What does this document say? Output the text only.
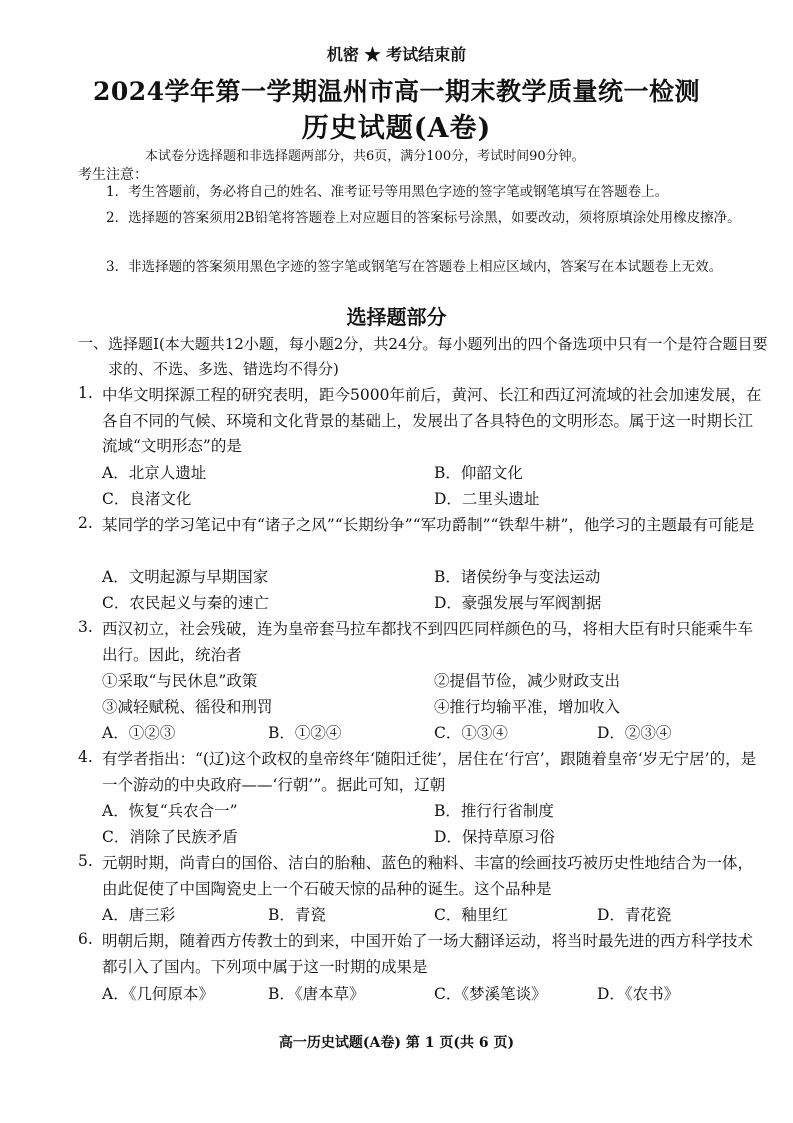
机密 ★ 考试结束前
2024学年第一学期温州市高一期末教学质量统一检测
历史试题(A卷)
本试卷分选择题和非选择题两部分，共6页，满分100分，考试时间90分钟。
考生注意：
1．考生答题前，务必将自己的姓名、准考证号等用黑色字迹的签字笔或钢笔填写在答题卷上。
2．选择题的答案须用2B铅笔将答题卷上对应题目的答案标号涂黑，如要改动，须将原填涂处用橡皮擦净。
3．非选择题的答案须用黑色字迹的签字笔或钢笔写在答题卷上相应区域内，答案写在本试题卷上无效。
选择题部分
一、 选择题Ⅰ(本大题共12小题，每小题2分，共24分。每小题列出的四个备选项中只有一个是符合题目要求的、不选、多选、错选均不得分)
1. 中华文明探源工程的研究表明，距今5000年前后，黄河、长江和西辽河流域的社会加速发展，在各自不同的气候、环境和文化背景的基础上，发展出了各具特色的文明形态。属于这一时期长江流域“文明形态”的是
A．北京人遗址	B．仰韶文化
C．良渚文化	D．二里头遗址
2. 某同学的学习笔记中有“诸子之风”“长期纷争”“军功爵制”“铁犁牛耕”，他学习的主题最有可能是
A．文明起源与早期国家	B．诸侯纷争与变法运动
C．农民起义与秦的速亡	D．豪强发展与军阀割据
3. 西汉初立，社会残破，连为皇帝套马拉车都找不到四匹同样颜色的马，将相大臣有时只能乘牛车出行。因此，统治者
①采取“与民休息”政策	②提倡节俭，减少财政支出
③减轻赋税、徭役和刑罚	④推行均输平准，增加收入
A．①②③	B．①②④	C．①③④	D．②③④
4. 有学者指出：“(辽)这个政权的皇帝终年‘随阳迁徙’，居住在‘行宫’，跟随着皇帝‘岁无宁居’的，是一个游动的中央政府——‘行朝’”。据此可知，辽朝
A．恢复“兵农合一”	B．推行行省制度
C．消除了民族矛盾	D．保持草原习俗
5. 元朝时期，尚青白的国俗、洁白的胎釉、蓝色的釉料、丰富的绘画技巧被历史性地结合为一体，由此促使了中国陶瓷史上一个石破天惊的品种的诞生。这个品种是
A．唐三彩	B．青瓷	C．釉里红	D．青花瓷
6. 明朝后期，随着西方传教士的到来，中国开始了一场大翻译运动，将当时最先进的西方科学技术都引入了国内。下列项中属于这一时期的成果是
A．《几何原本》	B．《唐本草》	C．《梦溪笔谈》	D．《农书》
高一历史试题(A卷) 第 1 页(共 6 页)
